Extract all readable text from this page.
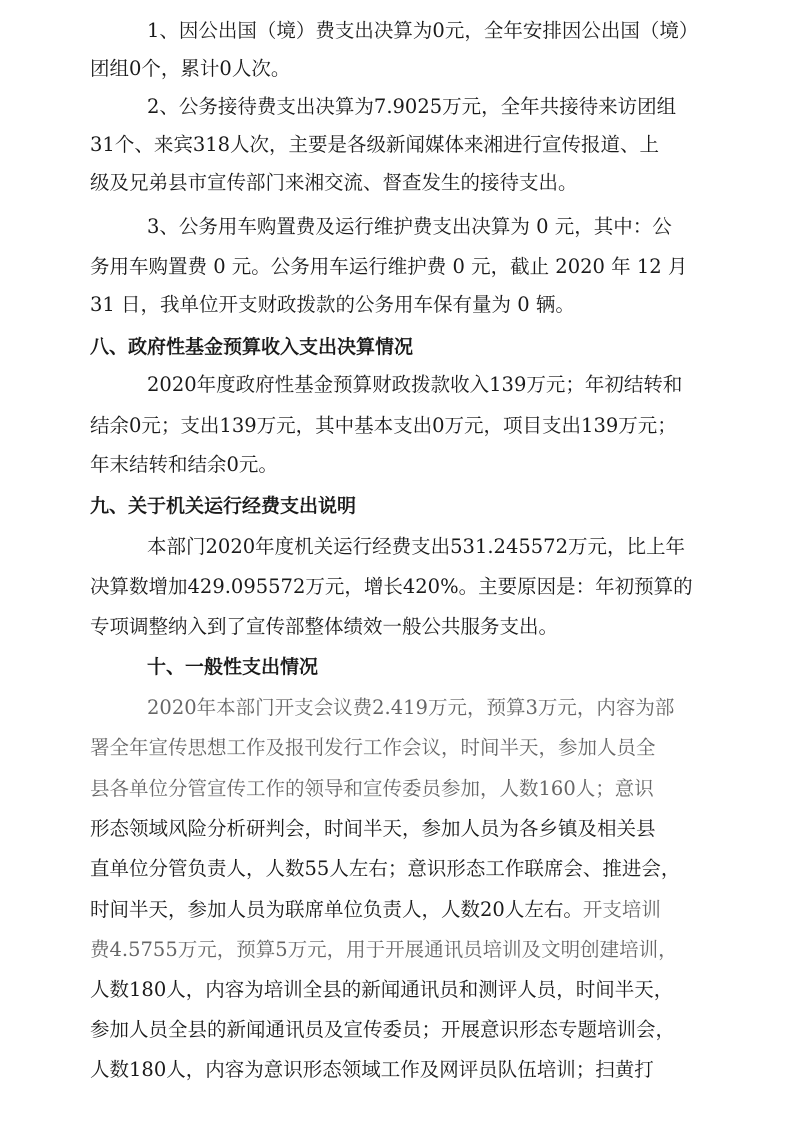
1、因公出国（境）费支出决算为0元，全年安排因公出国（境）
团组0个，累计0人次。
2、公务接待费支出决算为7.9025万元，全年共接待来访团组
31个、来宾318人次，主要是各级新闻媒体来湘进行宣传报道、上
级及兄弟县市宣传部门来湘交流、督查发生的接待支出。
3、公务用车购置费及运行维护费支出决算为 0 元，其中：公
务用车购置费 0 元。公务用车运行维护费 0 元，截止 2020 年 12 月
31 日，我单位开支财政拨款的公务用车保有量为 0 辆。
八、政府性基金预算收入支出决算情况
2020年度政府性基金预算财政拨款收入139万元；年初结转和
结余0元；支出139万元，其中基本支出0万元，项目支出139万元；
年末结转和结余0元。
九、关于机关运行经费支出说明
本部门2020年度机关运行经费支出531.245572万元，比上年
决算数增加429.095572万元，增长420%。主要原因是：年初预算的
专项调整纳入到了宣传部整体绩效一般公共服务支出。
十、一般性支出情况
2020年本部门开支会议费2.419万元，预算3万元，内容为部
署全年宣传思想工作及报刊发行工作会议，时间半天，参加人员全
县各单位分管宣传工作的领导和宣传委员参加，人数160人；意识
形态领域风险分析研判会，时间半天，参加人员为各乡镇及相关县
直单位分管负责人，人数55人左右；意识形态工作联席会、推进会，
时间半天，参加人员为联席单位负责人，人数20人左右。开支培训
费4.5755万元，预算5万元，用于开展通讯员培训及文明创建培训，
人数180人，内容为培训全县的新闻通讯员和测评人员，时间半天，
参加人员全县的新闻通讯员及宣传委员；开展意识形态专题培训会，
人数180人，内容为意识形态领域工作及网评员队伍培训；扫黄打
